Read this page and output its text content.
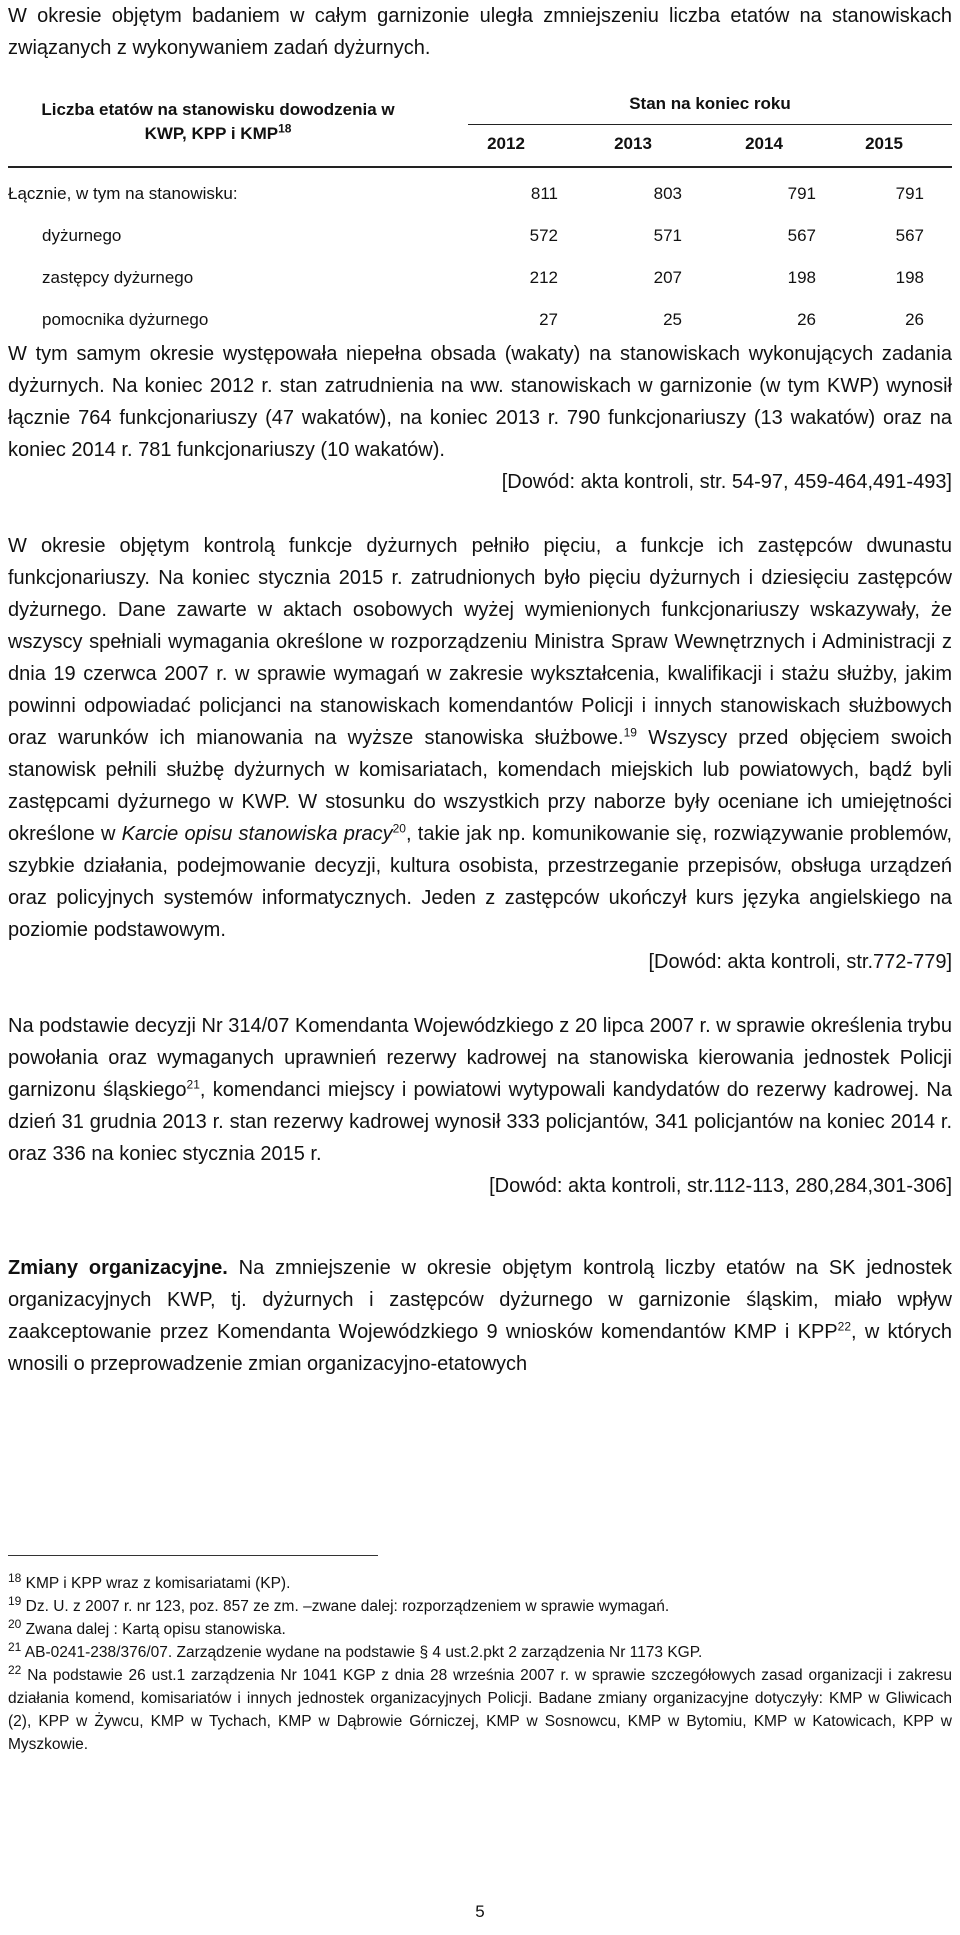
W okresie objętym badaniem w całym garnizonie uległa zmniejszeniu liczba etatów na stanowiskach związanych z wykonywaniem zadań dyżurnych.

Liczba etatów na stanowisku dowodzenia w
KWP, KPP i KMP$^{18}$
Stan na koniec roku
2012	2013	2014	2015
Łącznie, w tym na stanowisku:	811	803	791	791
dyżurnego	572	571	567	567
zastępcy dyżurnego	212	207	198	198
pomocnika dyżurnego	27	25	26	26

W tym samym okresie występowała niepełna obsada (wakaty) na stanowiskach wykonujących zadania dyżurnych. Na koniec 2012 r. stan zatrudnienia na ww. stanowiskach w garnizonie (w tym KWP) wynosił łącznie 764 funkcjonariuszy (47 wakatów), na koniec 2013 r. 790 funkcjonariuszy (13 wakatów) oraz na koniec 2014 r. 781 funkcjonariuszy (10 wakatów).

[Dowód: akta kontroli, str. 54-97, 459-464,491-493]

W okresie objętym kontrolą funkcje dyżurnych pełniło pięciu, a funkcje ich zastępców dwunastu funkcjonariuszy. Na koniec stycznia 2015 r. zatrudnionych było pięciu dyżurnych i dziesięciu zastępców dyżurnego. Dane zawarte w aktach osobowych wyżej wymienionych funkcjonariuszy wskazywały, że wszyscy spełniali wymagania określone w rozporządzeniu Ministra Spraw Wewnętrznych i Administracji z dnia 19 czerwca 2007 r. w sprawie wymagań w zakresie wykształcenia, kwalifikacji i stażu służby, jakim powinni odpowiadać policjanci na stanowiskach komendantów Policji i innych stanowiskach służbowych oraz warunków ich mianowania na wyższe stanowiska służbowe.$^{19}$ Wszyscy przed objęciem swoich stanowisk pełnili służbę dyżurnych w komisariatach, komendach miejskich lub powiatowych, bądź byli zastępcami dyżurnego w KWP. W stosunku do wszystkich przy naborze były oceniane ich umiejętności określone w Karcie opisu stanowiska pracy$^{20}$, takie jak np. komunikowanie się, rozwiązywanie problemów, szybkie działania, podejmowanie decyzji, kultura osobista, przestrzeganie przepisów, obsługa urządzeń oraz policyjnych systemów informatycznych. Jeden z zastępców ukończył kurs języka angielskiego na poziomie podstawowym.

[Dowód: akta kontroli, str.772-779]

Na podstawie decyzji Nr 314/07 Komendanta Wojewódzkiego z 20 lipca 2007 r. w sprawie określenia trybu powołania oraz wymaganych uprawnień rezerwy kadrowej na stanowiska kierowania jednostek Policji garnizonu śląskiego$^{21}$, komendanci miejscy i powiatowi wytypowali kandydatów do rezerwy kadrowej. Na dzień 31 grudnia 2013 r. stan rezerwy kadrowej wynosił 333 policjantów, 341 policjantów na koniec 2014 r. oraz 336 na koniec stycznia 2015 r.

[Dowód: akta kontroli, str.112-113, 280,284,301-306]

Zmiany organizacyjne. Na zmniejszenie w okresie objętym kontrolą liczby etatów na SK jednostek organizacyjnych KWP, tj. dyżurnych i zastępców dyżurnego w garnizonie śląskim, miało wpływ zaakceptowanie przez Komendanta Wojewódzkiego 9 wniosków komendantów KMP i KPP$^{22}$, w których wnosili o przeprowadzenie zmian organizacyjno-etatowych

$^{18}$ KMP i KPP wraz z komisariatami (KP).

$^{19}$ Dz. U. z 2007 r. nr 123, poz. 857 ze zm. –zwane dalej: rozporządzeniem w sprawie wymagań.

$^{20}$ Zwana dalej : Kartą opisu stanowiska.

$^{21}$ AB-0241-238/376/07. Zarządzenie wydane na podstawie § 4 ust.2.pkt 2 zarządzenia Nr 1173 KGP.

$^{22}$ Na podstawie 26 ust.1 zarządzenia Nr 1041 KGP z dnia 28 września 2007 r. w sprawie szczegółowych zasad organizacji i zakresu działania komend, komisariatów i innych jednostek organizacyjnych Policji. Badane zmiany organizacyjne dotyczyły: KMP w Gliwicach (2), KPP w Żywcu, KMP w Tychach, KMP w Dąbrowie Górniczej, KMP w Sosnowcu, KMP w Bytomiu, KMP w Katowicach, KPP w Myszkowie.

5
